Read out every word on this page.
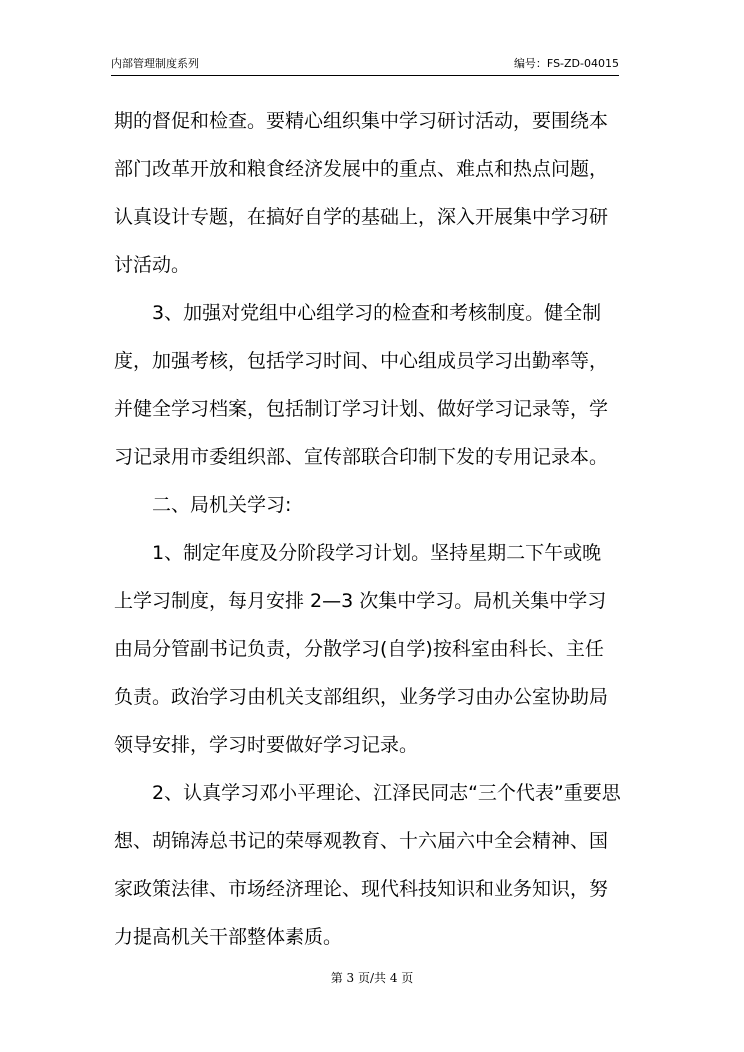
内部管理制度系列	编号：FS-ZD-04015
期的督促和检查。要精心组织集中学习研讨活动，要围绕本
部门改革开放和粮食经济发展中的重点、难点和热点问题，
认真设计专题，在搞好自学的基础上，深入开展集中学习研
讨活动。
　　3、加强对党组中心组学习的检查和考核制度。健全制
度，加强考核，包括学习时间、中心组成员学习出勤率等，
并健全学习档案，包括制订学习计划、做好学习记录等，学
习记录用市委组织部、宣传部联合印制下发的专用记录本。
　　二、局机关学习:
　　1、制定年度及分阶段学习计划。坚持星期二下午或晚
上学习制度，每月安排 2—3 次集中学习。局机关集中学习
由局分管副书记负责，分散学习(自学)按科室由科长、主任
负责。政治学习由机关支部组织，业务学习由办公室协助局
领导安排，学习时要做好学习记录。
　　2、认真学习邓小平理论、江泽民同志“三个代表”重要思
想、胡锦涛总书记的荣辱观教育、十六届六中全会精神、国
家政策法律、市场经济理论、现代科技知识和业务知识，努
力提高机关干部整体素质。
第 3 页/共 4 页
